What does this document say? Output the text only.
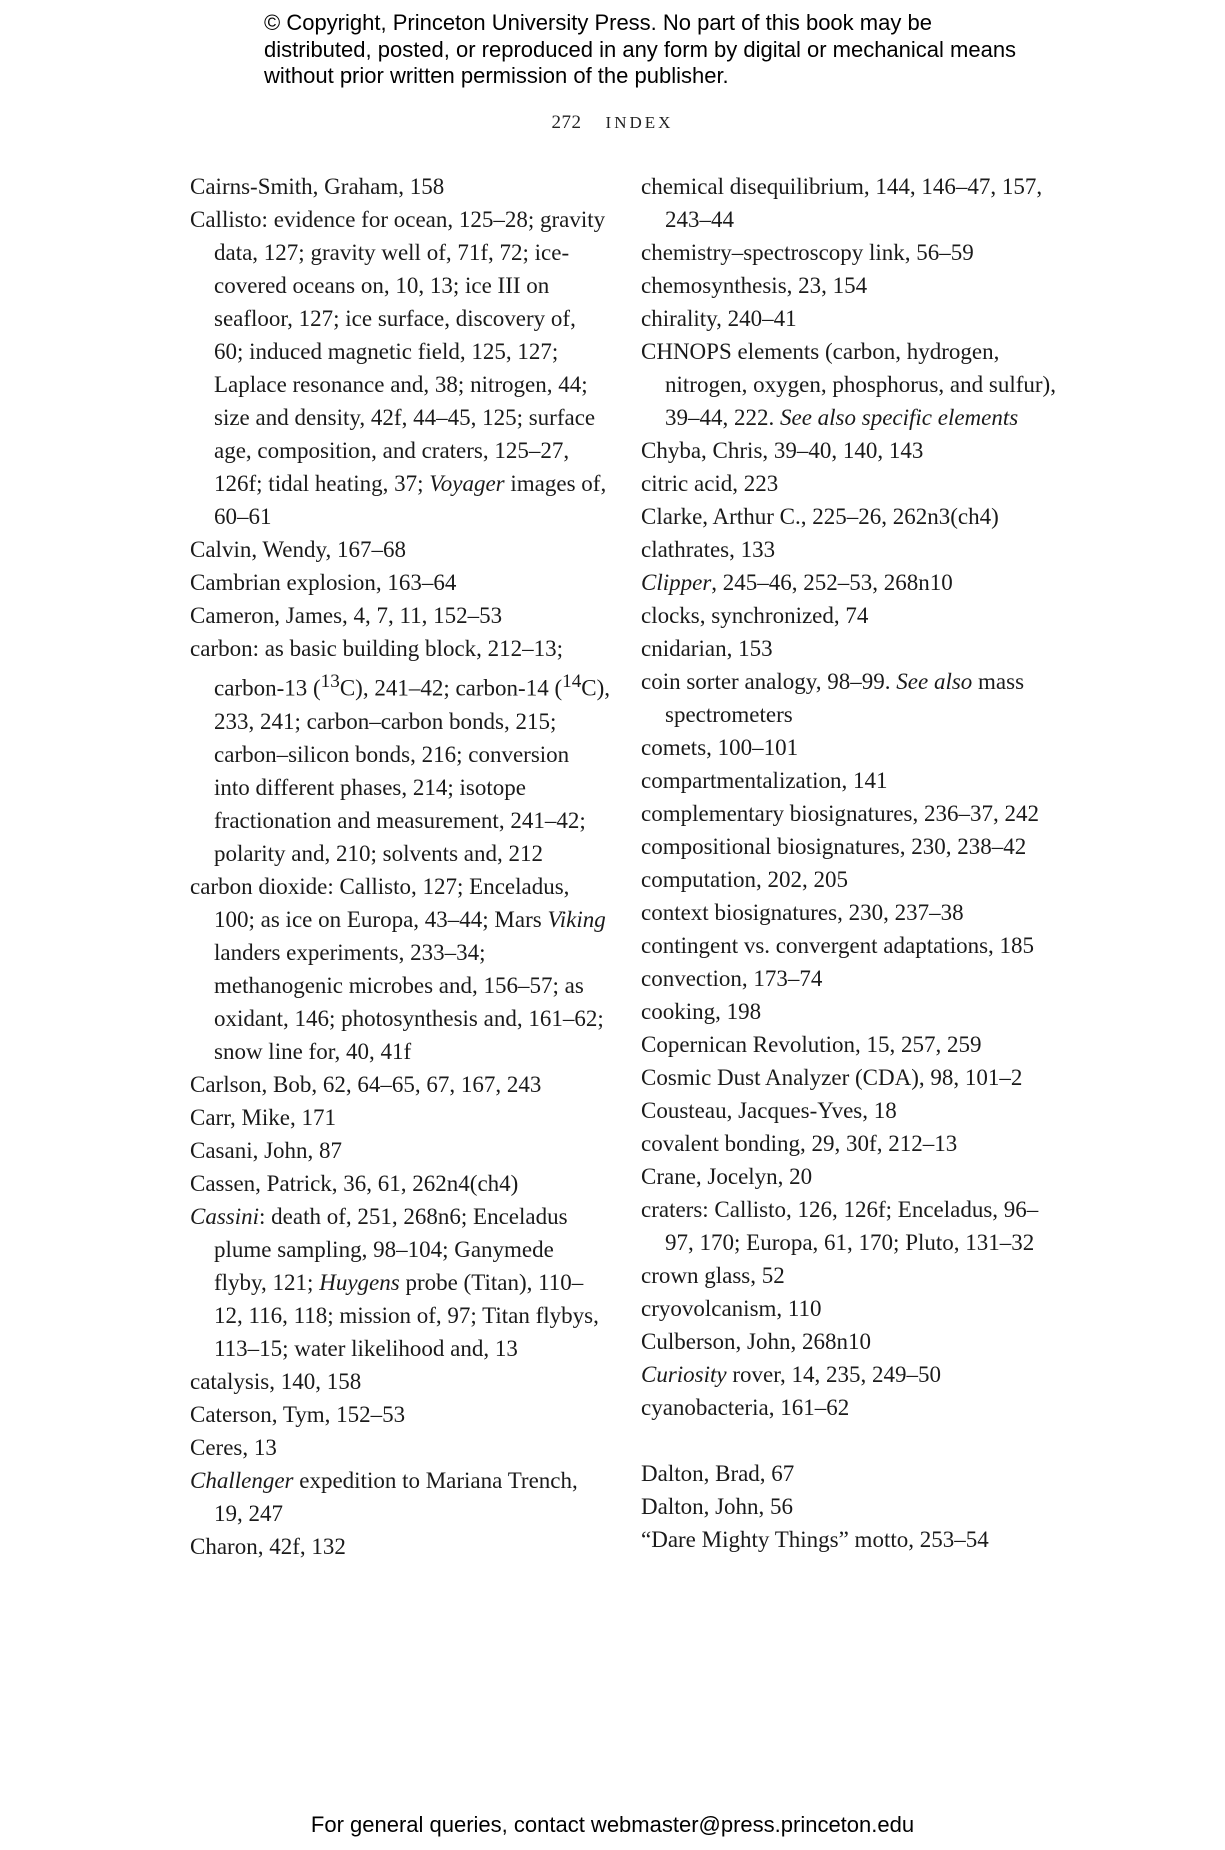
© Copyright, Princeton University Press. No part of this book may be distributed, posted, or reproduced in any form by digital or mechanical means without prior written permission of the publisher.
272 INDEX
Cairns-Smith, Graham, 158
Callisto: evidence for ocean, 125–28; gravity data, 127; gravity well of, 71f, 72; ice-covered oceans on, 10, 13; ice III on seafloor, 127; ice surface, discovery of, 60; induced magnetic field, 125, 127; Laplace resonance and, 38; nitrogen, 44; size and density, 42f, 44–45, 125; surface age, composition, and craters, 125–27, 126f; tidal heating, 37; Voyager images of, 60–61
Calvin, Wendy, 167–68
Cambrian explosion, 163–64
Cameron, James, 4, 7, 11, 152–53
carbon: as basic building block, 212–13; carbon-13 ($^{13}$C), 241–42; carbon-14 ($^{14}$C), 233, 241; carbon–carbon bonds, 215; carbon–silicon bonds, 216; conversion into different phases, 214; isotope fractionation and measurement, 241–42; polarity and, 210; solvents and, 212
carbon dioxide: Callisto, 127; Enceladus, 100; as ice on Europa, 43–44; Mars Viking landers experiments, 233–34; methanogenic microbes and, 156–57; as oxidant, 146; photosynthesis and, 161–62; snow line for, 40, 41f
Carlson, Bob, 62, 64–65, 67, 167, 243
Carr, Mike, 171
Casani, John, 87
Cassen, Patrick, 36, 61, 262n4(ch4)
Cassini: death of, 251, 268n6; Enceladus plume sampling, 98–104; Ganymede flyby, 121; Huygens probe (Titan), 110–12, 116, 118; mission of, 97; Titan flybys, 113–15; water likelihood and, 13
catalysis, 140, 158
Caterson, Tym, 152–53
Ceres, 13
Challenger expedition to Mariana Trench, 19, 247
Charon, 42f, 132
chemical disequilibrium, 144, 146–47, 157, 243–44
chemistry–spectroscopy link, 56–59
chemosynthesis, 23, 154
chirality, 240–41
CHNOPS elements (carbon, hydrogen, nitrogen, oxygen, phosphorus, and sulfur), 39–44, 222. See also specific elements
Chyba, Chris, 39–40, 140, 143
citric acid, 223
Clarke, Arthur C., 225–26, 262n3(ch4)
clathrates, 133
Clipper, 245–46, 252–53, 268n10
clocks, synchronized, 74
cnidarian, 153
coin sorter analogy, 98–99. See also mass spectrometers
comets, 100–101
compartmentalization, 141
complementary biosignatures, 236–37, 242
compositional biosignatures, 230, 238–42
computation, 202, 205
context biosignatures, 230, 237–38
contingent vs. convergent adaptations, 185
convection, 173–74
cooking, 198
Copernican Revolution, 15, 257, 259
Cosmic Dust Analyzer (CDA), 98, 101–2
Cousteau, Jacques-Yves, 18
covalent bonding, 29, 30f, 212–13
Crane, Jocelyn, 20
craters: Callisto, 126, 126f; Enceladus, 96–97, 170; Europa, 61, 170; Pluto, 131–32
crown glass, 52
cryovolcanism, 110
Culberson, John, 268n10
Curiosity rover, 14, 235, 249–50
cyanobacteria, 161–62
Dalton, Brad, 67
Dalton, John, 56
“Dare Mighty Things” motto, 253–54
For general queries, contact webmaster@press.princeton.edu
